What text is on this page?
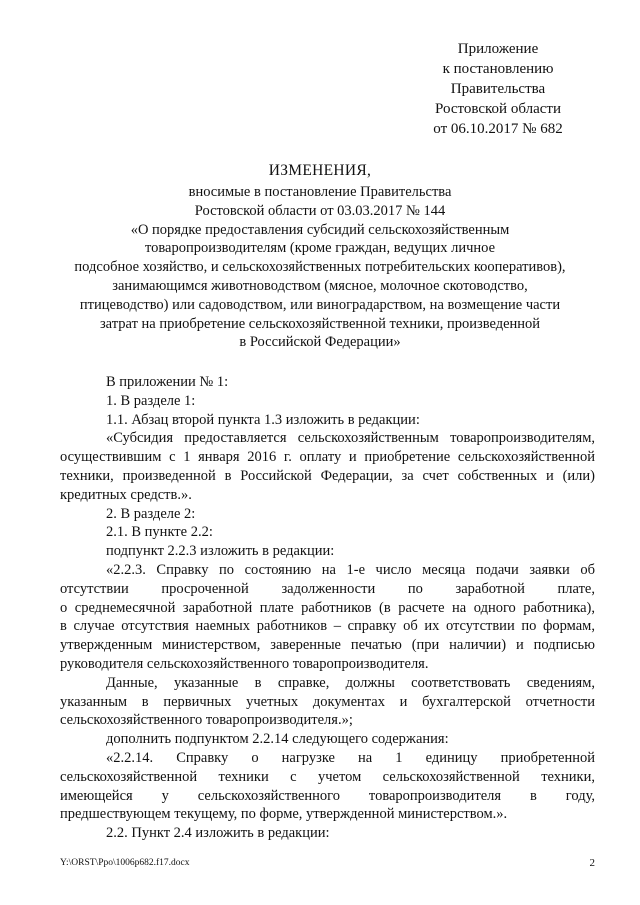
Приложение
к постановлению
Правительства
Ростовской области
от 06.10.2017 № 682
ИЗМЕНЕНИЯ,
вносимые в постановление Правительства
Ростовской области от 03.03.2017 № 144
«О порядке предоставления субсидий сельскохозяйственным
товаропроизводителям (кроме граждан, ведущих личное
подсобное хозяйство, и сельскохозяйственных потребительских кооперативов),
занимающимся животноводством (мясное, молочное скотоводство,
птицеводство) или садоводством, или виноградарством, на возмещение части
затрат на приобретение сельскохозяйственной техники, произведенной
в Российской Федерации»
В приложении № 1:
1. В разделе 1:
1.1. Абзац второй пункта 1.3 изложить в редакции:
«Субсидия предоставляется сельскохозяйственным товаропроизводителям,
осуществившим с 1 января 2016 г. оплату и приобретение сельскохозяйственной
техники, произведенной в Российской Федерации, за счет собственных и (или)
кредитных средств.».
2. В разделе 2:
2.1. В пункте 2.2:
подпункт 2.2.3 изложить в редакции:
«2.2.3. Справку по состоянию на 1-е число месяца подачи заявки об
отсутствии просроченной задолженности по заработной плате,
о среднемесячной заработной плате работников (в расчете на одного работника),
в случае отсутствия наемных работников – справку об их отсутствии по формам,
утвержденным министерством, заверенные печатью (при наличии) и подписью
руководителя сельскохозяйственного товаропроизводителя.
Данные, указанные в справке, должны соответствовать сведениям,
указанным в первичных учетных документах и бухгалтерской отчетности
сельскохозяйственного товаропроизводителя.»;
дополнить подпунктом 2.2.14 следующего содержания:
«2.2.14. Справку о нагрузке на 1 единицу приобретенной
сельскохозяйственной техники с учетом сельскохозяйственной техники,
имеющейся у сельскохозяйственного товаропроизводителя в году,
предшествующем текущему, по форме, утвержденной министерством.».
2.2. Пункт 2.4 изложить в редакции:
Y:\ORST\Ppo\1006p682.f17.docx	2
